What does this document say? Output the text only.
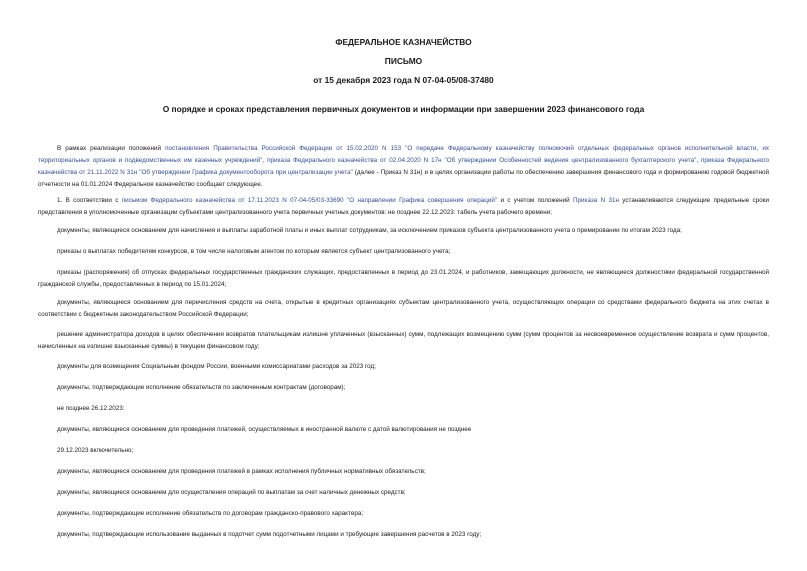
ФЕДЕРАЛЬНОЕ КАЗНАЧЕЙСТВО
ПИСЬМО
от 15 декабря 2023 года N 07-04-05/08-37480
О порядке и сроках представления первичных документов и информации при завершении 2023 финансового года
В рамках реализации положений постановления Правительства Российской Федерации от 15.02.2020 N 153 "О передаче Федеральному казначейству полномочий отдельных федеральных органов исполнительной власти, их территориальных органов и подведомственных им казенных учреждений", приказа Федерального казначейства от 02.04.2020 N 17н "Об утверждении Особенностей ведения централизованного бухгалтерского учета", приказа Федерального казначейства от 21.11.2022 N 31н "Об утверждении Графика документооборота при централизации учета" (далее - Приказ N 31н) и в целях организации работы по обеспечению завершения финансового года и формированию годовой бюджетной отчетности на 01.01.2024 Федеральное казначейство сообщает следующее.
1. В соответствии с письмом Федерального казначейства от 17.11.2023 N 07-04-05/03-33690 "О направлении Графика совершения операций" и с учетом положений Приказа N 31н устанавливаются следующие предельные сроки представления в уполномоченные организации субъектами централизованного учета первичных учетных документов: не позднее 22.12.2023: табель учета рабочего времени;
документы, являющиеся основанием для начисления и выплаты заработной платы и иных выплат сотрудникам, за исключением приказов субъекта централизованного учета о премировании по итогам 2023 года;
приказы о выплатах победителям конкурсов, в том числе налоговым агентом по которым является субъект централизованного учета;
приказы (распоряжения) об отпусках федеральных государственных гражданских служащих, предоставленных в период до 23.01.2024, и работников, замещающих должности, не являющиеся должностями федеральной государственной гражданской службы, предоставленных в период по 15.01.2024;
документы, являющиеся основанием для перечисления средств на счета, открытые в кредитных организациях субъектам централизованного учета, осуществляющих операции со средствами федерального бюджета на этих счетах в соответствии с бюджетным законодательством Российской Федерации;
решение администратора доходов в целях обеспечения возвратов плательщикам излишне уплаченных (взысканных) сумм, подлежащих возмещению сумм (сумм процентов за несвоевременное осуществление возврата и сумм процентов, начисленных на излишне взысканные суммы) в текущем финансовом году;
документы для возмещения Социальным фондом России, военными комиссариатами расходов за 2023 год;
документы, подтверждающие исполнение обязательств по заключенным контрактам (договорам);
не позднее 26.12.2023:
документы, являющиеся основанием для проведения платежей, осуществляемых в иностранной валюте с датой валютирования не позднее
29.12.2023 включительно;
документы, являющиеся основанием для проведения платежей в рамках исполнения публичных нормативных обязательств;
документы, являющиеся основанием для осуществления операций по выплатам за счет наличных денежных средств;
документы, подтверждающие исполнение обязательств по договорам гражданско-правового характера;
документы, подтверждающие использование выданных в подотчет сумм подотчетными лицами и требующие завершения расчетов в 2023 году;
